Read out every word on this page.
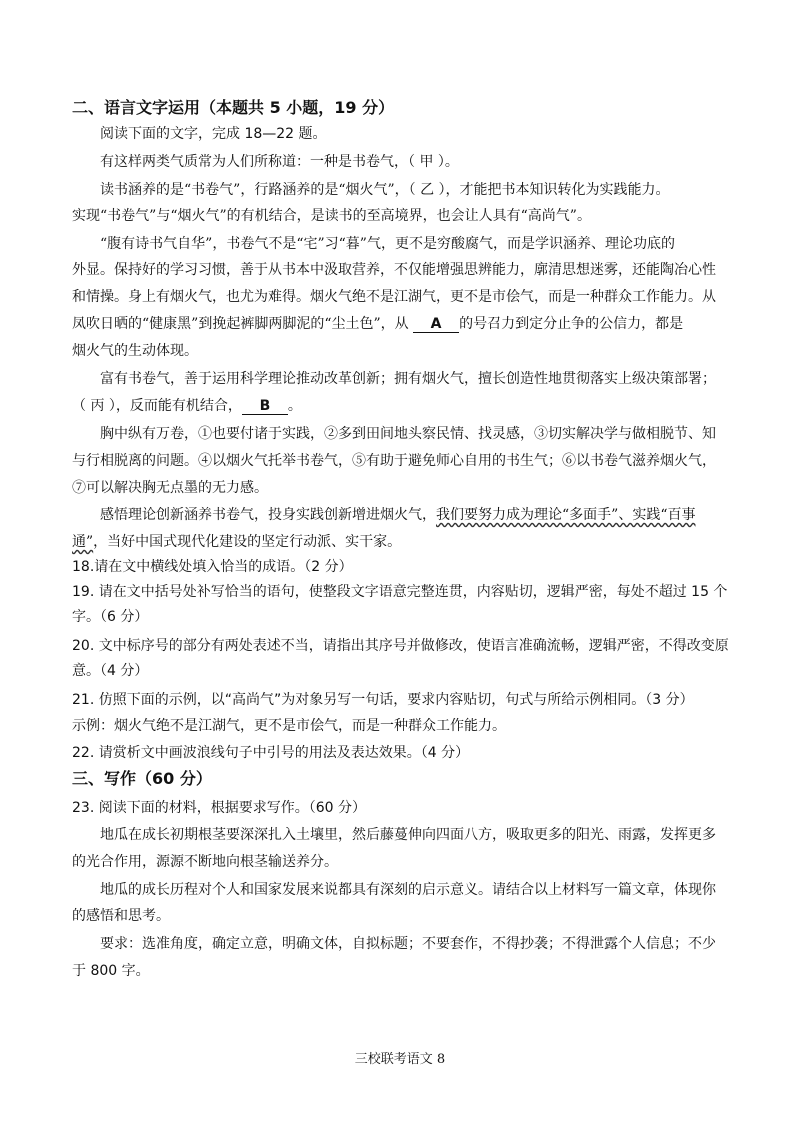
二、语言文字运用（本题共 5 小题，19 分）
阅读下面的文字，完成 18—22 题。
有这样两类气质常为人们所称道：一种是书卷气，（ 甲 ）。
读书涵养的是“书卷气”，行路涵养的是“烟火气”，（ 乙 ），才能把书本知识转化为实践能力。
实现“书卷气”与“烟火气”的有机结合，是读书的至高境界，也会让人具有“高尚气”。
“腹有诗书气自华”，书卷气不是“宅”习“暮”气，更不是穷酸腐气，而是学识涵养、理论功底的
外显。保持好的学习习惯，善于从书本中汲取营养，不仅能增强思辨能力，廓清思想迷雾，还能陶冶心性
和情操。身上有烟火气，也尤为难得。烟火气绝不是江湖气，更不是市侩气，而是一种群众工作能力。从
凤吹日晒的“健康黑”到挽起裤脚两脚泥的“尘土色”，从 A 的号召力到定分止争的公信力，都是
烟火气的生动体现。
富有书卷气，善于运用科学理论推动改革创新；拥有烟火气，擅长创造性地贯彻落实上级决策部署；
（ 丙 ），反而能有机结合， B 。
胸中纵有万卷，①也要付诸于实践，②多到田间地头察民情、找灵感，③切实解决学与做相脱节、知
与行相脱离的问题。④以烟火气托举书卷气，⑤有助于避免师心自用的书生气；⑥以书卷气滋养烟火气，
⑦可以解决胸无点墨的无力感。
感悟理论创新涵养书卷气，投身实践创新增进烟火气，我们要努力成为理论“多面手”、实践“百事
通”，当好中国式现代化建设的坚定行动派、实干家。
18.请在文中横线处填入恰当的成语。（2 分）
19. 请在文中括号处补写恰当的语句，使整段文字语意完整连贯，内容贴切，逻辑严密，每处不超过 15 个
字。（6 分）
20. 文中标序号的部分有两处表述不当，请指出其序号并做修改，使语言准确流畅，逻辑严密，不得改变原
意。（4 分）
21. 仿照下面的示例，以“高尚气”为对象另写一句话，要求内容贴切，句式与所给示例相同。（3 分）
示例：烟火气绝不是江湖气，更不是市侩气，而是一种群众工作能力。
22. 请赏析文中画波浪线句子中引号的用法及表达效果。（4 分）
三、写作（60 分）
23. 阅读下面的材料，根据要求写作。（60 分）
地瓜在成长初期根茎要深深扎入土壤里，然后藤蔓伸向四面八方，吸取更多的阳光、雨露，发挥更多
的光合作用，源源不断地向根茎输送养分。
地瓜的成长历程对个人和国家发展来说都具有深刻的启示意义。请结合以上材料写一篇文章，体现你
的感悟和思考。
要求：选准角度，确定立意，明确文体，自拟标题；不要套作，不得抄袭；不得泄露个人信息；不少
于 800 字。
三校联考语文 8
